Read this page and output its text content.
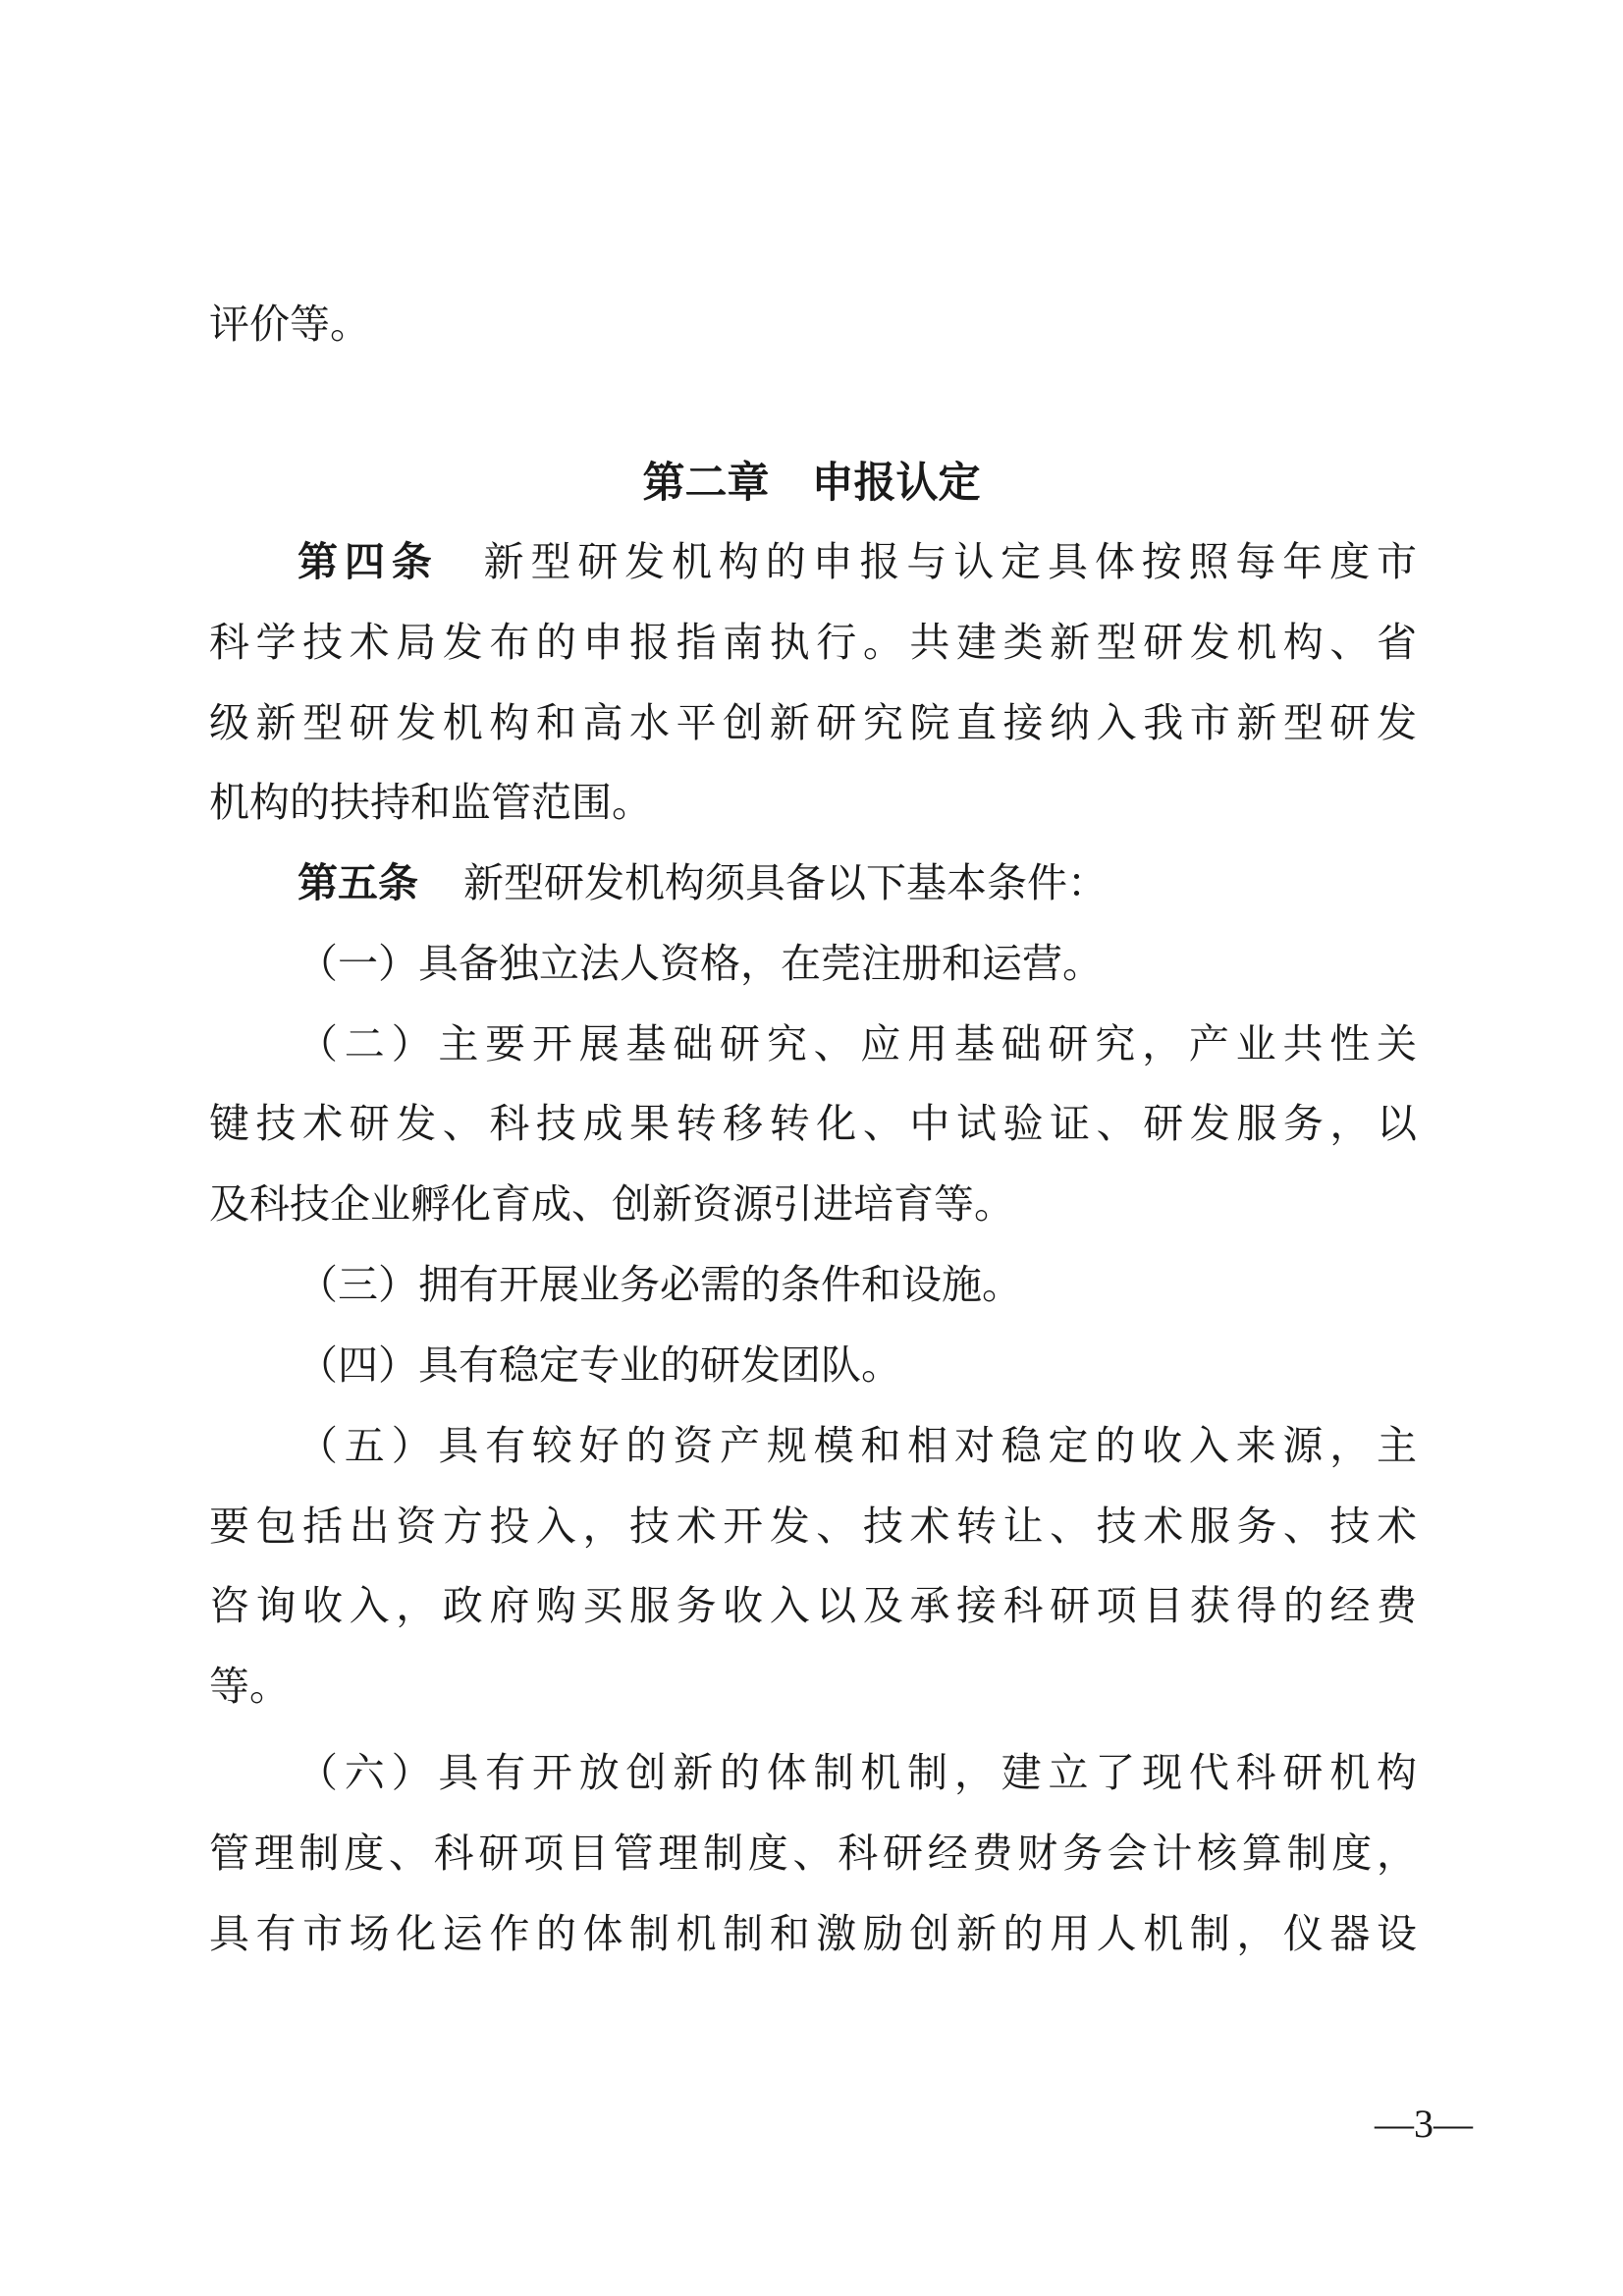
评价等。
第二章　申报认定
第四条 新型研发机构的申报与认定具体按照每年度市
科学技术局发布的申报指南执行。共建类新型研发机构、省
级新型研发机构和高水平创新研究院直接纳入我市新型研发
机构的扶持和监管范围。
第五条 新型研发机构须具备以下基本条件：
（一）具备独立法人资格，在莞注册和运营。
（二）主要开展基础研究、应用基础研究，产业共性关
键技术研发、科技成果转移转化、中试验证、研发服务，以
及科技企业孵化育成、创新资源引进培育等。
（三）拥有开展业务必需的条件和设施。
（四）具有稳定专业的研发团队。
（五）具有较好的资产规模和相对稳定的收入来源，主
要包括出资方投入，技术开发、技术转让、技术服务、技术
咨询收入，政府购买服务收入以及承接科研项目获得的经费
等。
（六）具有开放创新的体制机制，建立了现代科研机构
管理制度、科研项目管理制度、科研经费财务会计核算制度，
具有市场化运作的体制机制和激励创新的用人机制，仪器设
—3—
